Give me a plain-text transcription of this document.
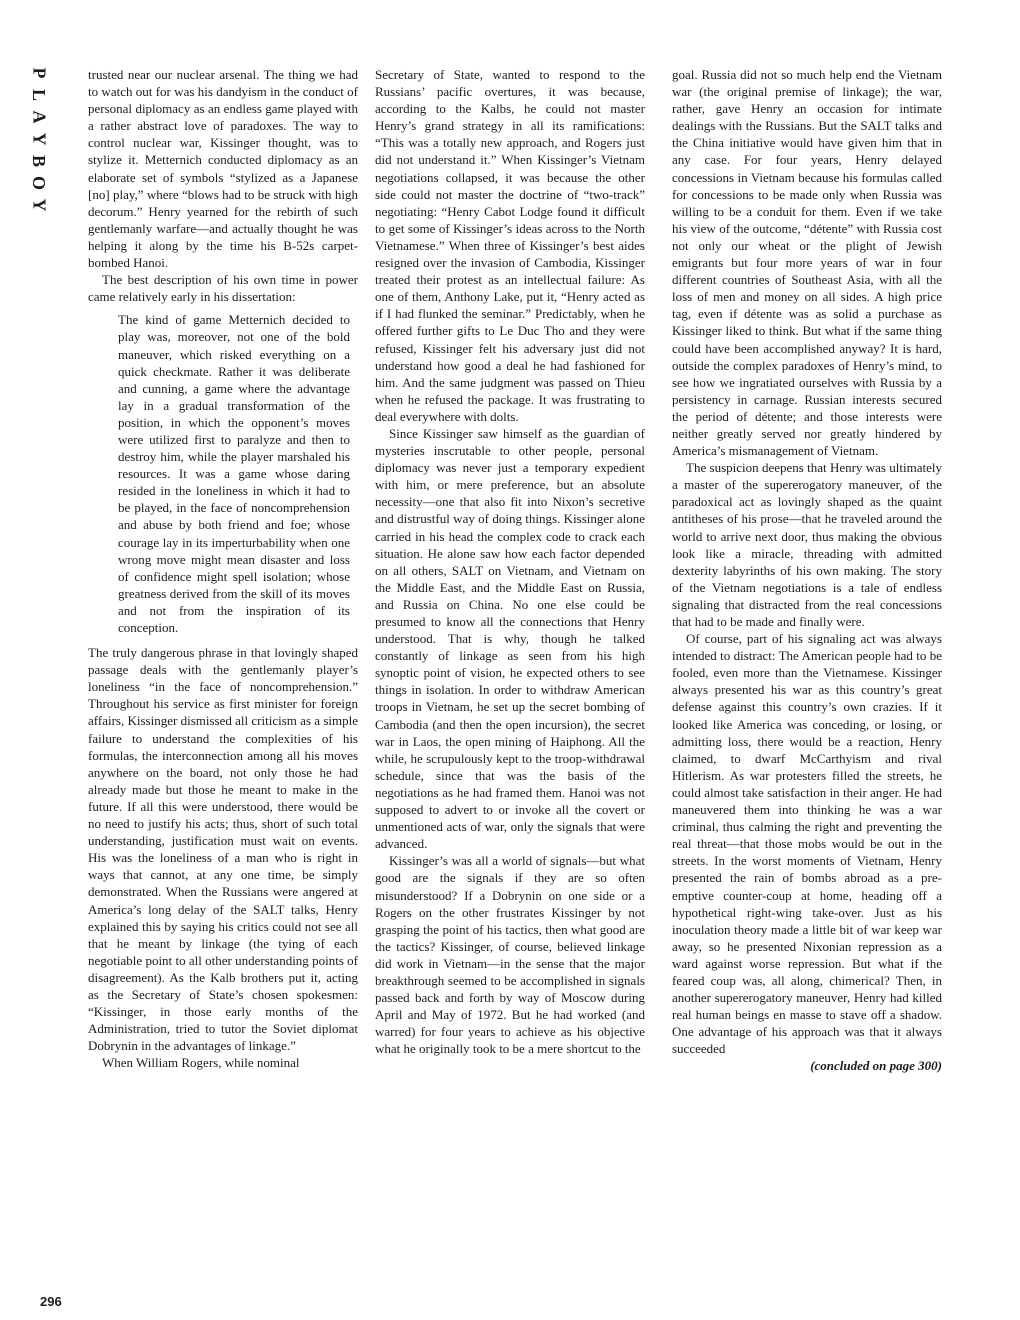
P
L
A
Y
B
O
Y

trusted near our nuclear arsenal. The thing we had to watch out for was his dandyism in the conduct of personal diplomacy as an endless game played with a rather abstract love of paradoxes. The way to control nuclear war, Kissinger thought, was to stylize it. Metternich conducted diplomacy as an elaborate set of symbols “stylized as a Japanese [no] play,” where “blows had to be struck with high decorum.” Henry yearned for the rebirth of such gentlemanly warfare—and actually thought he was helping it along by the time his B-52s carpet-bombed Hanoi.

The best description of his own time in power came relatively early in his dissertation:

The kind of game Metternich decided to play was, moreover, not one of the bold maneuver, which risked everything on a quick checkmate. Rather it was deliberate and cunning, a game where the advantage lay in a gradual transformation of the position, in which the opponent’s moves were utilized first to paralyze and then to destroy him, while the player marshaled his resources. It was a game whose daring resided in the loneliness in which it had to be played, in the face of noncomprehension and abuse by both friend and foe; whose courage lay in its imperturbability when one wrong move might mean disaster and loss of confidence might spell isolation; whose greatness derived from the skill of its moves and not from the inspiration of its conception.

The truly dangerous phrase in that lovingly shaped passage deals with the gentlemanly player’s loneliness “in the face of noncomprehension.” Throughout his service as first minister for foreign affairs, Kissinger dismissed all criticism as a simple failure to understand the complexities of his formulas, the interconnection among all his moves anywhere on the board, not only those he had already made but those he meant to make in the future. If all this were understood, there would be no need to justify his acts; thus, short of such total understanding, justification must wait on events. His was the loneliness of a man who is right in ways that cannot, at any one time, be simply demonstrated. When the Russians were angered at America’s long delay of the SALT talks, Henry explained this by saying his critics could not see all that he meant by linkage (the tying of each negotiable point to all other understanding points of disagreement). As the Kalb brothers put it, acting as the Secretary of State’s chosen spokesmen: “Kissinger, in those early months of the Administration, tried to tutor the Soviet diplomat Dobrynin in the advantages of linkage.”

When William Rogers, while nominal

Secretary of State, wanted to respond to the Russians’ pacific overtures, it was because, according to the Kalbs, he could not master Henry’s grand strategy in all its ramifications: “This was a totally new approach, and Rogers just did not understand it.” When Kissinger’s Vietnam negotiations collapsed, it was because the other side could not master the doctrine of “two-track” negotiating: “Henry Cabot Lodge found it difficult to get some of Kissinger’s ideas across to the North Vietnamese.” When three of Kissinger’s best aides resigned over the invasion of Cambodia, Kissinger treated their protest as an intellectual failure: As one of them, Anthony Lake, put it, “Henry acted as if I had flunked the seminar.” Predictably, when he offered further gifts to Le Duc Tho and they were refused, Kissinger felt his adversary just did not understand how good a deal he had fashioned for him. And the same judgment was passed on Thieu when he refused the package. It was frustrating to deal everywhere with dolts.

Since Kissinger saw himself as the guardian of mysteries inscrutable to other people, personal diplomacy was never just a temporary expedient with him, or mere preference, but an absolute necessity—one that also fit into Nixon’s secretive and distrustful way of doing things. Kissinger alone carried in his head the complex code to crack each situation. He alone saw how each factor depended on all others, SALT on Vietnam, and Vietnam on the Middle East, and the Middle East on Russia, and Russia on China. No one else could be presumed to know all the connections that Henry understood. That is why, though he talked constantly of linkage as seen from his high synoptic point of vision, he expected others to see things in isolation. In order to withdraw American troops in Vietnam, he set up the secret bombing of Cambodia (and then the open incursion), the secret war in Laos, the open mining of Haiphong. All the while, he scrupulously kept to the troop-withdrawal schedule, since that was the basis of the negotiations as he had framed them. Hanoi was not supposed to advert to or invoke all the covert or unmentioned acts of war, only the signals that were advanced.

Kissinger’s was all a world of signals—but what good are the signals if they are so often misunderstood? If a Dobrynin on one side or a Rogers on the other frustrates Kissinger by not grasping the point of his tactics, then what good are the tactics? Kissinger, of course, believed linkage did work in Vietnam—in the sense that the major breakthrough seemed to be accomplished in signals passed back and forth by way of Moscow during April and May of 1972. But he had worked (and warred) for four years to achieve as his objective what he originally took to be a mere shortcut to the

goal. Russia did not so much help end the Vietnam war (the original premise of linkage); the war, rather, gave Henry an occasion for intimate dealings with the Russians. But the SALT talks and the China initiative would have given him that in any case. For four years, Henry delayed concessions in Vietnam because his formulas called for concessions to be made only when Russia was willing to be a conduit for them. Even if we take his view of the outcome, “détente” with Russia cost not only our wheat or the plight of Jewish emigrants but four more years of war in four different countries of Southeast Asia, with all the loss of men and money on all sides. A high price tag, even if détente was as solid a purchase as Kissinger liked to think. But what if the same thing could have been accomplished anyway? It is hard, outside the complex paradoxes of Henry’s mind, to see how we ingratiated ourselves with Russia by a persistency in carnage. Russian interests secured the period of détente; and those interests were neither greatly served nor greatly hindered by America’s mismanagement of Vietnam.

The suspicion deepens that Henry was ultimately a master of the supererogatory maneuver, of the paradoxical act as lovingly shaped as the quaint antitheses of his prose—that he traveled around the world to arrive next door, thus making the obvious look like a miracle, threading with admitted dexterity labyrinths of his own making. The story of the Vietnam negotiations is a tale of endless signaling that distracted from the real concessions that had to be made and finally were.

Of course, part of his signaling act was always intended to distract: The American people had to be fooled, even more than the Vietnamese. Kissinger always presented his war as this country’s great defense against this country’s own crazies. If it looked like America was conceding, or losing, or admitting loss, there would be a reaction, Henry claimed, to dwarf McCarthyism and rival Hitlerism. As war protesters filled the streets, he could almost take satisfaction in their anger. He had maneuvered them into thinking he was a war criminal, thus calming the right and preventing the real threat—that those mobs would be out in the streets. In the worst moments of Vietnam, Henry presented the rain of bombs abroad as a pre-emptive counter-coup at home, heading off a hypothetical right-wing take-over. Just as his inoculation theory made a little bit of war keep war away, so he presented Nixonian repression as a ward against worse repression. But what if the feared coup was, all along, chimerical? Then, in another supererogatory maneuver, Henry had killed real human beings en masse to stave off a shadow. One advantage of his approach was that it always succeeded

(concluded on page 300)

296
